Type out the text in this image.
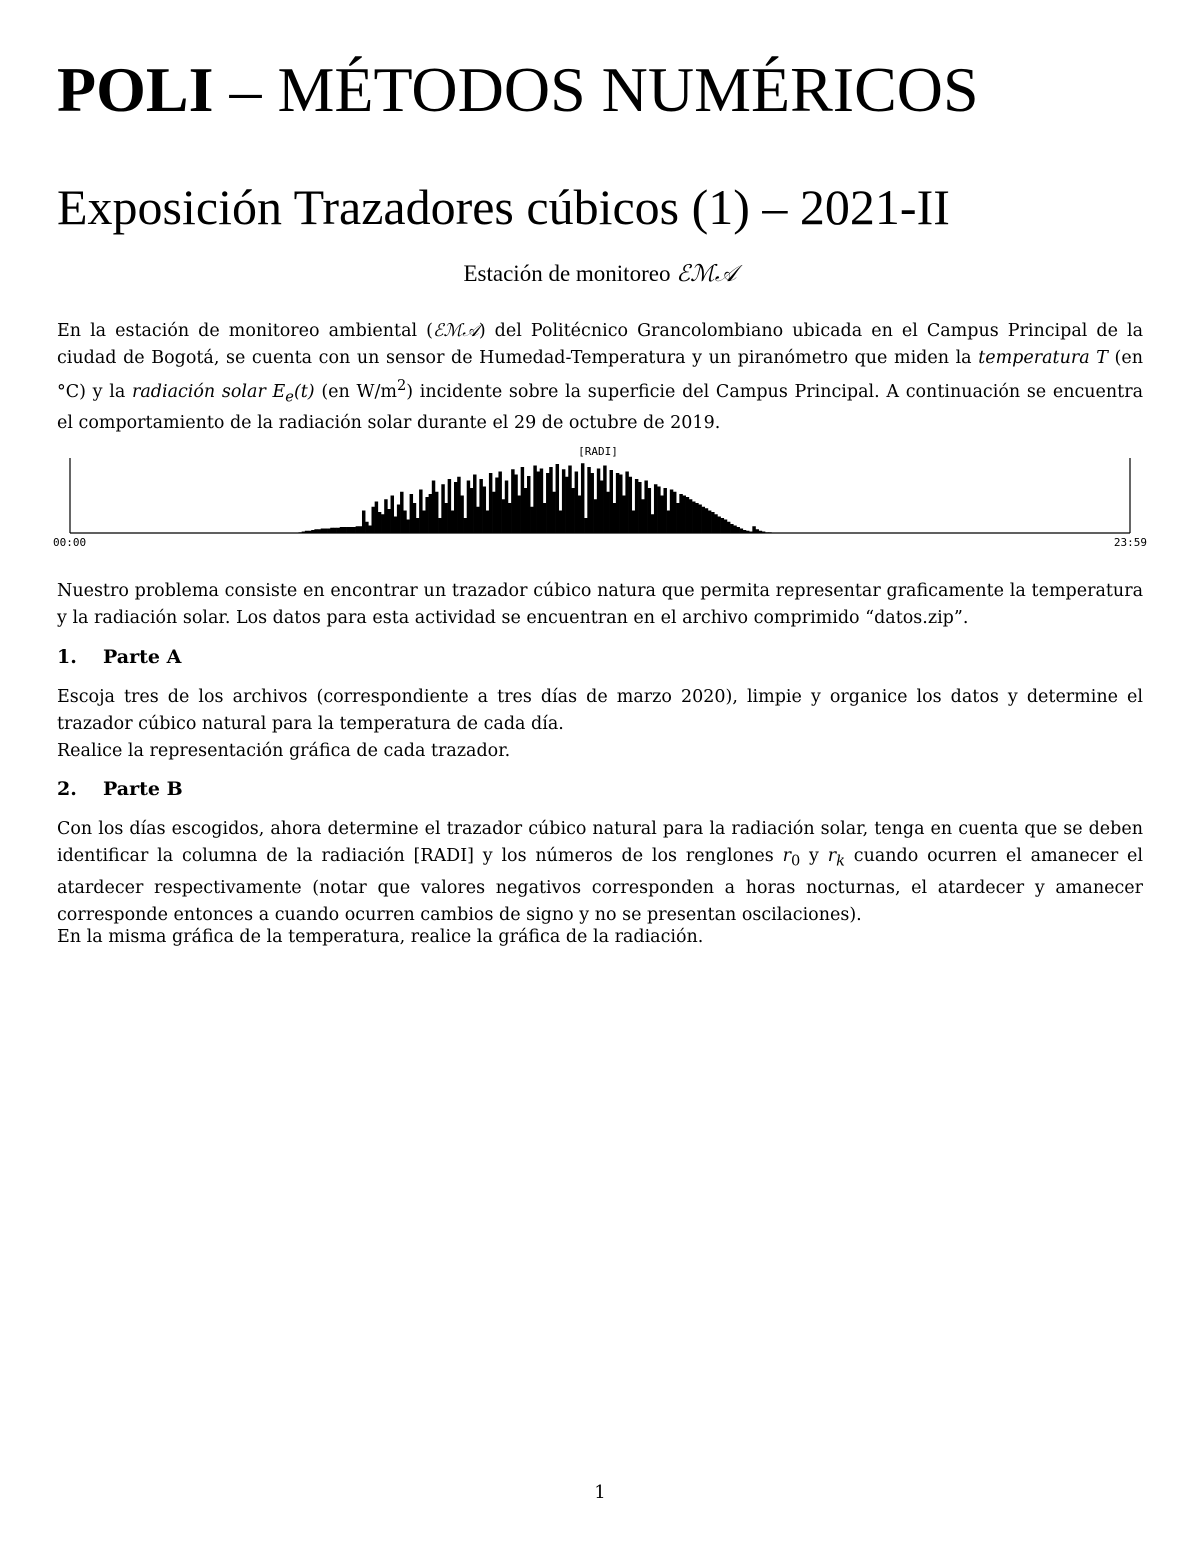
POLI – MÉTODOS NUMÉRICOS
Exposición Trazadores cúbicos (1) – 2021-II
Estación de monitoreo ℰℳ𝒜

En la estación de monitoreo ambiental (ℰℳ𝒜) del Politécnico Grancolombiano ubicada en el Campus Principal de la ciudad de Bogotá, se cuenta con un sensor de Humedad-Temperatura y un piranómetro que miden la temperatura T (en °C) y la radiación solar $E_e(t)$ (en $W/m^2$) incidente sobre la superficie del Campus Principal. A continuación se encuentra el comportamiento de la radiación solar durante el 29 de octubre de 2019.

[RADI]
00:00	23:59

Nuestro problema consiste en encontrar un trazador cúbico natura que permita representar graficamente la temperatura y la radiación solar. Los datos para esta actividad se encuentran en el archivo comprimido “datos.zip”.

1. Parte A

Escoja tres de los archivos (correspondiente a tres días de marzo 2020), limpie y organice los datos y determine el trazador cúbico natural para la temperatura de cada día.

Realice la representación gráfica de cada trazador.

2. Parte B

Con los días escogidos, ahora determine el trazador cúbico natural para la radiación solar, tenga en cuenta que se deben identificar la columna de la radiación [RADI] y los números de los renglones $r_0$ y $r_k$ cuando ocurren el amanecer el atardecer respectivamente (notar que valores negativos corresponden a horas nocturnas, el atardecer y amanecer corresponde entonces a cuando ocurren cambios de signo y no se presentan oscilaciones).

En la misma gráfica de la temperatura, realice la gráfica de la radiación.

1
